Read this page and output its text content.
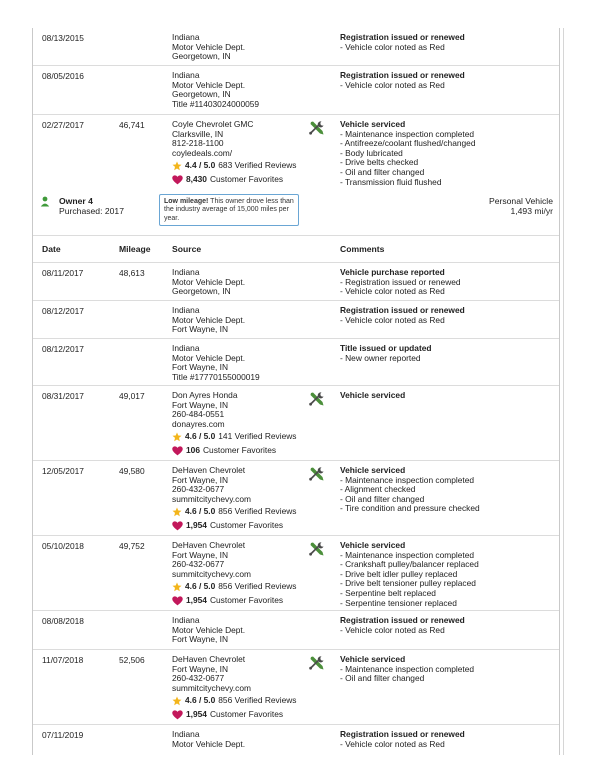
08/13/2015	Indiana
Motor Vehicle Dept.
Georgetown, IN
Registration issued or renewed
- Vehicle color noted as Red
08/05/2016	Indiana
Motor Vehicle Dept.
Georgetown, IN
Title #11403024000059
Registration issued or renewed
- Vehicle color noted as Red
02/27/2017	46,741	Coyle Chevrolet GMC
Clarksville, IN
812-218-1100
coyledeals.com/
4.4 / 5.0 683 Verified Reviews
8,430 Customer Favorites
Vehicle serviced
- Maintenance inspection completed
- Antifreeze/coolant flushed/changed
- Body lubricated
- Drive belts checked
- Oil and filter changed
- Transmission fluid flushed
Owner 4
Purchased: 2017
Low mileage! This owner drove less than the industry average of 15,000 miles per year.
Personal Vehicle
1,493 mi/yr
Date	Mileage Source	Comments
08/11/2017	48,613	Indiana
Motor Vehicle Dept.
Georgetown, IN
Vehicle purchase reported
- Registration issued or renewed
- Vehicle color noted as Red
08/12/2017	Indiana
Motor Vehicle Dept.
Fort Wayne, IN
Registration issued or renewed
- Vehicle color noted as Red
08/12/2017	Indiana
Motor Vehicle Dept.
Fort Wayne, IN
Title #17770155000019
Title issued or updated
- New owner reported
08/31/2017	49,017	Don Ayres Honda
Fort Wayne, IN
260-484-0551
donayres.com
4.6 / 5.0 141 Verified Reviews
106 Customer Favorites
Vehicle serviced
12/05/2017	49,580	DeHaven Chevrolet
Fort Wayne, IN
260-432-0677
summitcitychevy.com
4.6 / 5.0 856 Verified Reviews
1,954 Customer Favorites
Vehicle serviced
- Maintenance inspection completed
- Alignment checked
- Oil and filter changed
- Tire condition and pressure checked
05/10/2018	49,752	DeHaven Chevrolet
Fort Wayne, IN
260-432-0677
summitcitychevy.com
4.6 / 5.0 856 Verified Reviews
1,954 Customer Favorites
Vehicle serviced
- Maintenance inspection completed
- Crankshaft pulley/balancer replaced
- Drive belt idler pulley replaced
- Drive belt tensioner pulley replaced
- Serpentine belt replaced
- Serpentine tensioner replaced
08/08/2018	Indiana
Motor Vehicle Dept.
Fort Wayne, IN
Registration issued or renewed
- Vehicle color noted as Red
11/07/2018	52,506	DeHaven Chevrolet
Fort Wayne, IN
260-432-0677
summitcitychevy.com
4.6 / 5.0 856 Verified Reviews
1,954 Customer Favorites
Vehicle serviced
- Maintenance inspection completed
- Oil and filter changed
07/11/2019	Indiana
Motor Vehicle Dept.
Registration issued or renewed
- Vehicle color noted as Red
